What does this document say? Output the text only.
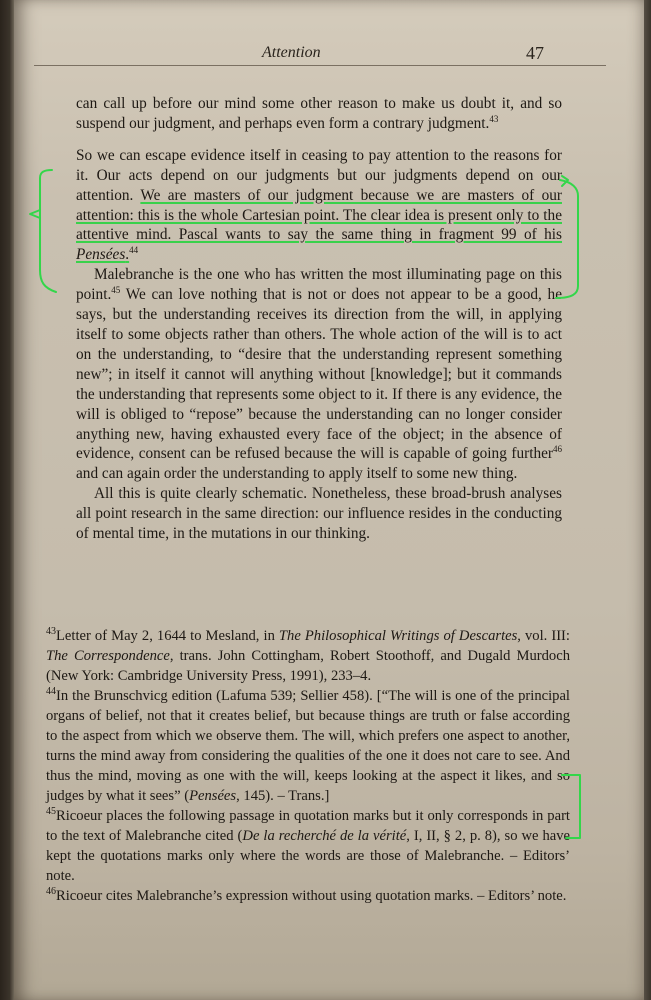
Attention	47

can call up before our mind some other reason to make us doubt it, and so suspend our judgment, and perhaps even form a contrary judgment.$^{43}$

So we can escape evidence itself in ceasing to pay attention to the reasons for it. Our acts depend on our judgments but our judgments depend on our attention. We are masters of our judgment because we are masters of our attention: this is the whole Cartesian point. The clear idea is present only to the attentive mind. Pascal wants to say the same thing in fragment 99 of his Pensées.$^{44}$

Malebranche is the one who has written the most illuminating page on this point.$^{45}$ We can love nothing that is not or does not appear to be a good, he says, but the understanding receives its direction from the will, in applying itself to some objects rather than others. The whole action of the will is to act on the understanding, to “desire that the understanding represent something new”; in itself it cannot will anything without [knowledge]; but it commands the understanding that represents some object to it. If there is any evidence, the will is obliged to “repose” because the understanding can no longer consider anything new, having exhausted every face of the object; in the absence of evidence, consent can be refused because the will is capable of going further$^{46}$ and can again order the understanding to apply itself to some new thing.

All this is quite clearly schematic. Nonetheless, these broad-brush analyses all point research in the same direction: our influence resides in the conducting of mental time, in the mutations in our thinking.

$^{43}$Letter of May 2, 1644 to Mesland, in The Philosophical Writings of Descartes, vol. III: The Correspondence, trans. John Cottingham, Robert Stoothoff, and Dugald Murdoch (New York: Cambridge University Press, 1991), 233–4.

$^{44}$In the Brunschvicg edition (Lafuma 539; Sellier 458). [“The will is one of the principal organs of belief, not that it creates belief, but because things are truth or false according to the aspect from which we observe them. The will, which prefers one aspect to another, turns the mind away from considering the qualities of the one it does not care to see. And thus the mind, moving as one with the will, keeps looking at the aspect it likes, and so judges by what it sees” (Pensées, 145). – Trans.]

$^{45}$Ricoeur places the following passage in quotation marks but it only corresponds in part to the text of Malebranche cited (De la recherché de la vérité, I, II, § 2, p. 8), so we have kept the quotations marks only where the words are those of Malebranche. – Editors’ note.

$^{46}$Ricoeur cites Malebranche’s expression without using quotation marks. – Editors’ note.
